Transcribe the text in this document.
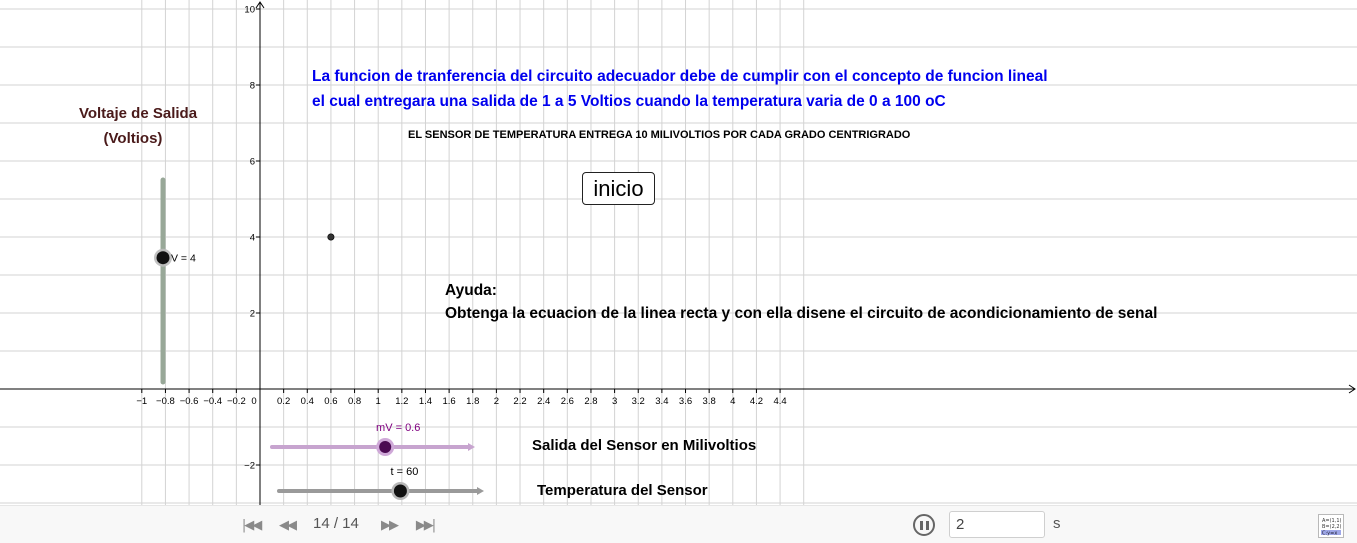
−1 −0.8 −0.6 −0.4 −0.2 0 0.2 0.4 0.6 0.8 1 1.2 1.4 1.6 1.8 2 2.2 2.4 2.6 2.8 3 3.2 3.4 3.6 3.8 4 4.2 4.4
10
8
6
4
2
−2
V = 4
mV = 0.6
t = 60
La funcion de tranferencia del circuito adecuador debe de cumplir con el concepto de funcion lineal
el cual entregara una salida de 1 a 5 Voltios cuando la temperatura varia de 0 a 100 oC
EL SENSOR DE TEMPERATURA ENTREGA 10 MILIVOLTIOS POR CADA GRADO CENTRIGRADO
Voltaje de Salida
(Voltios)
inicio
Ayuda:
Obtenga la ecuacion de la linea recta y con ella disene el circuito de acondicionamiento de senal
Salida del Sensor en Milivoltios
Temperatura del Sensor
|◀◀ ◀◀ 14 / 14 ▶▶ ▶▶|
2	s	A=(1,1)
B=(2,2)
C:y=x
